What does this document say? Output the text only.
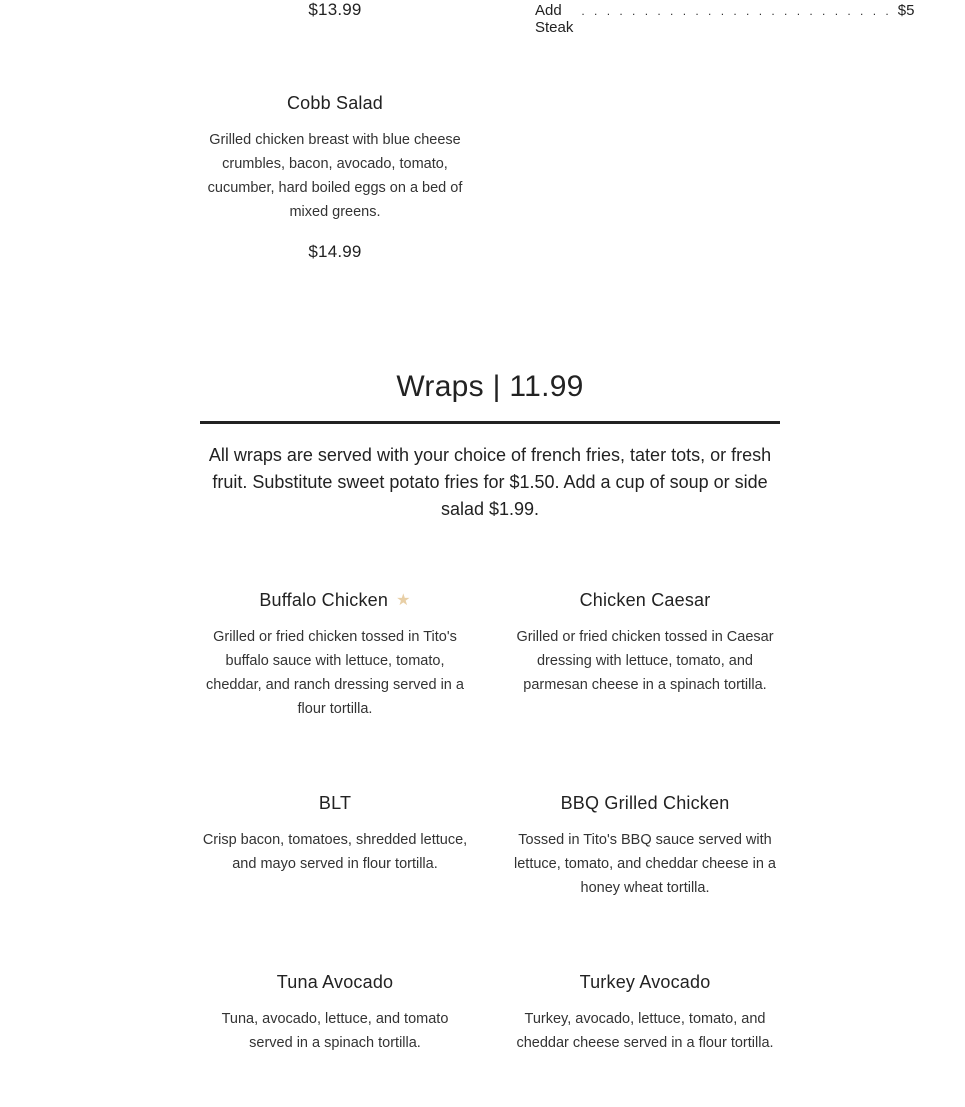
$13.99	Add Steak
. . . . . . . . . . . . . . . . . . . . . . . . . $5
Cobb Salad
Grilled chicken breast with blue cheese crumbles, bacon, avocado, tomato, cucumber, hard boiled eggs on a bed of mixed greens.
$14.99
Wraps | 11.99
All wraps are served with your choice of french fries, tater tots, or fresh fruit. Substitute sweet potato fries for $1.50. Add a cup of soup or side salad $1.99.
Buffalo Chicken ★
Grilled or fried chicken tossed in Tito's buffalo sauce with lettuce, tomato, cheddar, and ranch dressing served in a flour tortilla.
Chicken Caesar
Grilled or fried chicken tossed in Caesar dressing with lettuce, tomato, and parmesan cheese in a spinach tortilla.
BLT
Crisp bacon, tomatoes, shredded lettuce, and mayo served in flour tortilla.
BBQ Grilled Chicken
Tossed in Tito's BBQ sauce served with lettuce, tomato, and cheddar cheese in a honey wheat tortilla.
Tuna Avocado
Tuna, avocado, lettuce, and tomato served in a spinach tortilla.
Turkey Avocado
Turkey, avocado, lettuce, tomato, and cheddar cheese served in a flour tortilla.
